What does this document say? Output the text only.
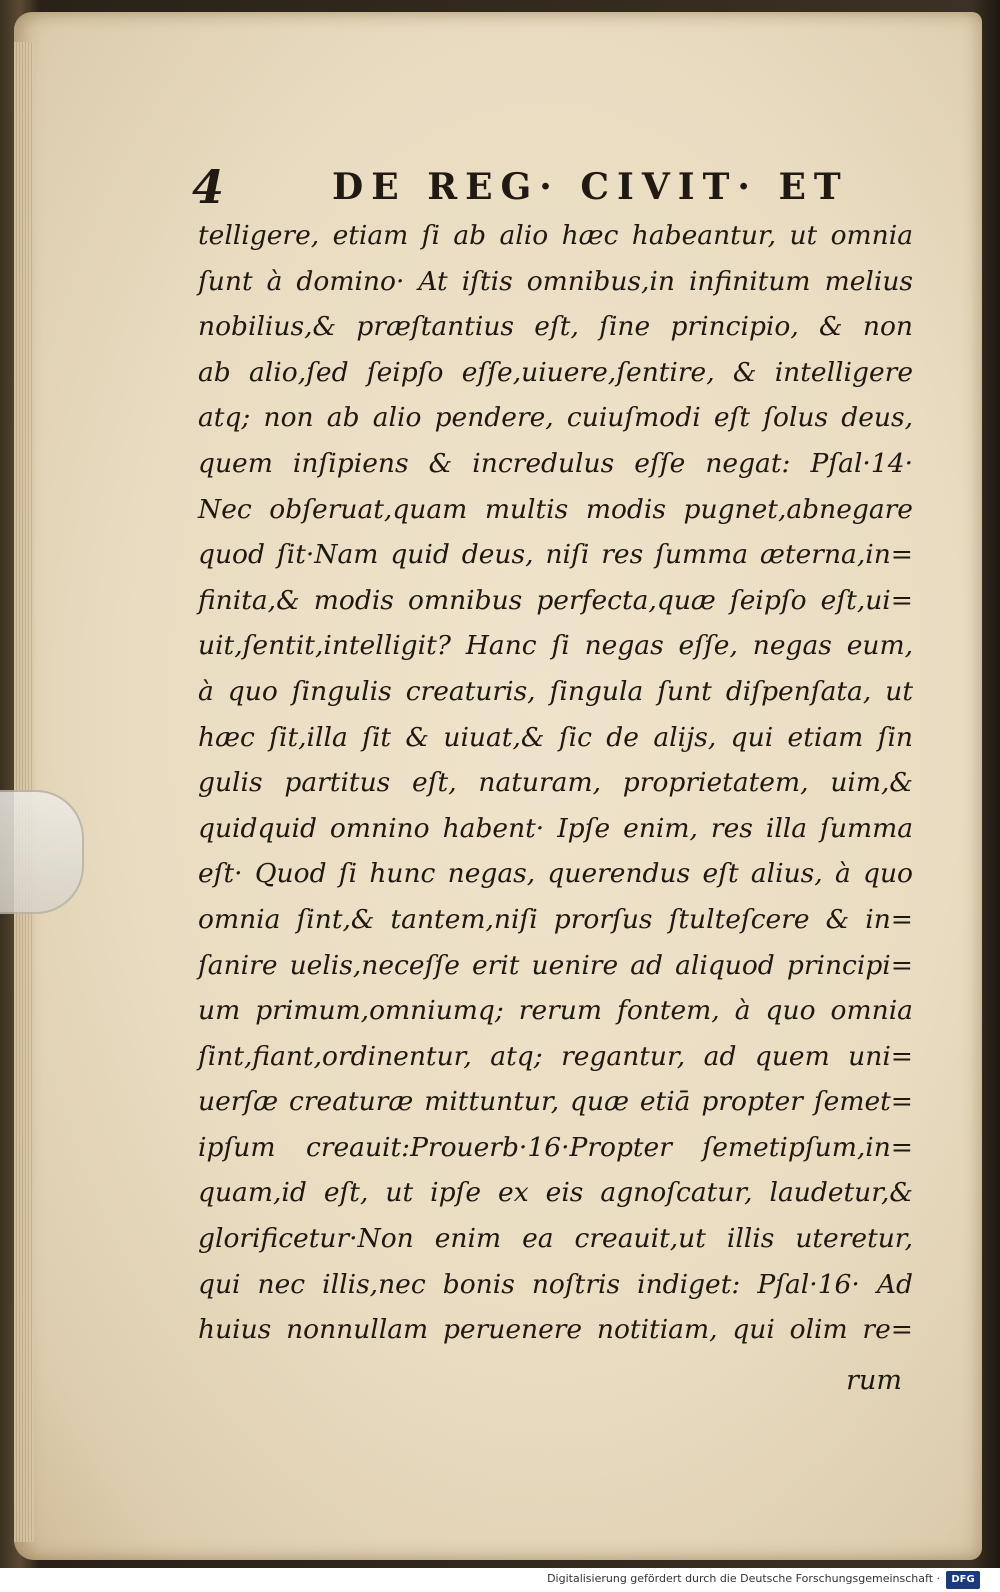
4	DE REG· CIVIT· ET
telligere, etiam ſi ab alio hæc habeantur, ut omnia
ſunt à domino· At iſtis omnibus,in infinitum melius
nobilius,& præſtantius eſt, ſine principio, & non
ab alio,ſed ſeipſo eſſe,uiuere,ſentire, & intelligere
atq; non ab alio pendere, cuiuſmodi eſt ſolus deus,
quem inſipiens & incredulus eſſe negat: Pſal·14·
Nec obſeruat,quam multis modis pugnet,abnegare
quod ſit·Nam quid deus, niſi res ſumma æterna,in=
finita,& modis omnibus perfecta,quæ ſeipſo eſt,ui=
uit,ſentit,intelligit? Hanc ſi negas eſſe, negas eum,
à quo ſingulis creaturis, ſingula ſunt diſpenſata, ut
hæc ſit,illa ſit & uiuat,& ſic de alijs, qui etiam ſin
gulis partitus eſt, naturam, proprietatem, uim,&
quidquid omnino habent· Ipſe enim, res illa ſumma
eſt· Quod ſi hunc negas, querendus eſt alius, à quo
omnia ſint,& tantem,niſi prorſus ſtulteſcere & in=
ſanire uelis,neceſſe erit uenire ad aliquod principi=
um primum,omniumq; rerum fontem, à quo omnia
ſint,fiant,ordinentur, atq; regantur, ad quem uni=
uerſæ creaturæ mittuntur, quæ etiā propter ſemet=
ipſum creauit:Prouerb·16·Propter ſemetipſum,in=
quam,id eſt, ut ipſe ex eis agnoſcatur, laudetur,&
glorificetur·Non enim ea creauit,ut illis uteretur,
qui nec illis,nec bonis noſtris indiget: Pſal·16· Ad
huius nonnullam peruenere notitiam, qui olim re=
rum
Digitalisierung gefördert durch die Deutsche Forschungsgemeinschaft ·	DFG
